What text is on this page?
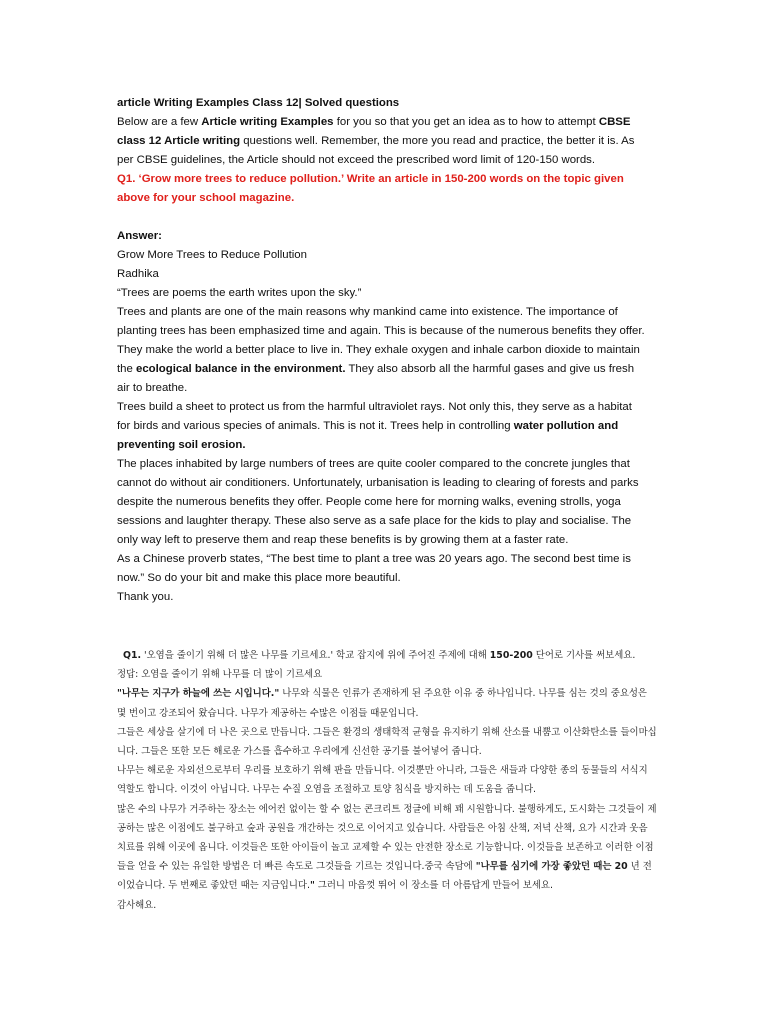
article Writing Examples Class 12| Solved questions

Below are a few Article writing Examples for you so that you get an idea as to how to attempt CBSE class 12 Article writing questions well. Remember, the more you read and practice, the better it is. As per CBSE guidelines, the Article should not exceed the prescribed word limit of 120-150 words.

Q1. ‘Grow more trees to reduce pollution.’ Write an article in 150-200 words on the topic given above for your school magazine.

Answer:

Grow More Trees to Reduce Pollution

Radhika

“Trees are poems the earth writes upon the sky.”

Trees and plants are one of the main reasons why mankind came into existence. The importance of planting trees has been emphasized time and again. This is because of the numerous benefits they offer.

They make the world a better place to live in. They exhale oxygen and inhale carbon dioxide to maintain the ecological balance in the environment. They also absorb all the harmful gases and give us fresh air to breathe.

Trees build a sheet to protect us from the harmful ultraviolet rays. Not only this, they serve as a habitat for birds and various species of animals. This is not it. Trees help in controlling water pollution and preventing soil erosion.

The places inhabited by large numbers of trees are quite cooler compared to the concrete jungles that cannot do without air conditioners. Unfortunately, urbanisation is leading to clearing of forests and parks despite the numerous benefits they offer. People come here for morning walks, evening strolls, yoga sessions and laughter therapy. These also serve as a safe place for the kids to play and socialise. The only way left to preserve them and reap these benefits is by growing them at a faster rate.

As a Chinese proverb states, “The best time to plant a tree was 20 years ago. The second best time is now.” So do your bit and make this place more beautiful.

Thank you.

Q1. '오염을 줄이기 위해 더 많은 나무를 기르세요.' 학교 잡지에 위에 주어진 주제에 대해 150-200 단어로 기사를 써보세요.

정답: 오염을 줄이기 위해 나무를 더 많이 기르세요

"나무는 지구가 하늘에 쓰는 시입니다." 나무와 식물은 인류가 존재하게 된 주요한 이유 중 하나입니다. 나무를 심는 것의 중요성은 몇 번이고 강조되어 왔습니다. 나무가 제공하는 수많은 이점들 때문입니다.

그들은 세상을 살기에 더 나은 곳으로 만듭니다. 그들은 환경의 생태학적 균형을 유지하기 위해 산소를 내뿜고 이산화탄소를 들이마십니다. 그들은 또한 모든 해로운 가스를 흡수하고 우리에게 신선한 공기를 불어넣어 줍니다.

나무는 해로운 자외선으로부터 우리를 보호하기 위해 판을 만듭니다. 이것뿐만 아니라, 그들은 새들과 다양한 종의 동물들의 서식지 역할도 합니다. 이것이 아닙니다. 나무는 수질 오염을 조절하고 토양 침식을 방지하는 데 도움을 줍니다.

많은 수의 나무가 거주하는 장소는 에어컨 없이는 할 수 없는 콘크리트 정글에 비해 꽤 시원합니다. 불행하게도, 도시화는 그것들이 제공하는 많은 이점에도 불구하고 숲과 공원을 개간하는 것으로 이어지고 있습니다. 사람들은 아침 산책, 저녁 산책, 요가 시간과 웃음 치료를 위해 이곳에 옵니다. 이것들은 또한 아이들이 놀고 교제할 수 있는 안전한 장소로 기능합니다. 이것들을 보존하고 이러한 이점들을 얻을 수 있는 유일한 방법은 더 빠른 속도로 그것들을 기르는 것입니다.중국 속담에 "나무를 심기에 가장 좋았던 때는 20 년 전이었습니다. 두 번째로 좋았던 때는 지금입니다." 그러니 마음껏 뛰어 이 장소를 더 아름답게 만들어 보세요.

감사해요.
